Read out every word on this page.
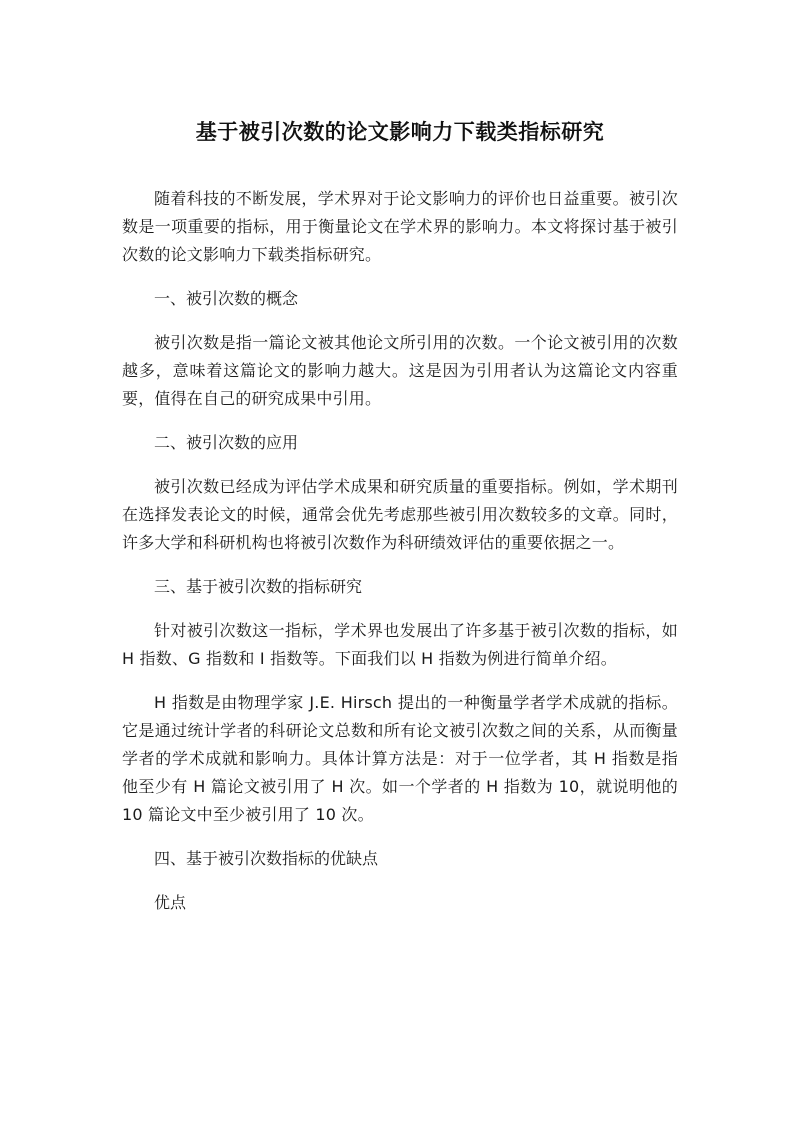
基于被引次数的论文影响力下载类指标研究

随着科技的不断发展，学术界对于论文影响力的评价也日益重要。被引次数是一项重要的指标，用于衡量论文在学术界的影响力。本文将探讨基于被引次数的论文影响力下载类指标研究。

一、被引次数的概念

被引次数是指一篇论文被其他论文所引用的次数。一个论文被引用的次数越多，意味着这篇论文的影响力越大。这是因为引用者认为这篇论文内容重要，值得在自己的研究成果中引用。

二、被引次数的应用

被引次数已经成为评估学术成果和研究质量的重要指标。例如，学术期刊在选择发表论文的时候，通常会优先考虑那些被引用次数较多的文章。同时，许多大学和科研机构也将被引次数作为科研绩效评估的重要依据之一。

三、基于被引次数的指标研究

针对被引次数这一指标，学术界也发展出了许多基于被引次数的指标，如 H 指数、G 指数和 I 指数等。下面我们以 H 指数为例进行简单介绍。

H 指数是由物理学家 J.E. Hirsch 提出的一种衡量学者学术成就的指标。它是通过统计学者的科研论文总数和所有论文被引次数之间的关系，从而衡量学者的学术成就和影响力。具体计算方法是：对于一位学者，其 H 指数是指他至少有 H 篇论文被引用了 H 次。如一个学者的 H 指数为 10，就说明他的 10 篇论文中至少被引用了 10 次。

四、基于被引次数指标的优缺点

优点
